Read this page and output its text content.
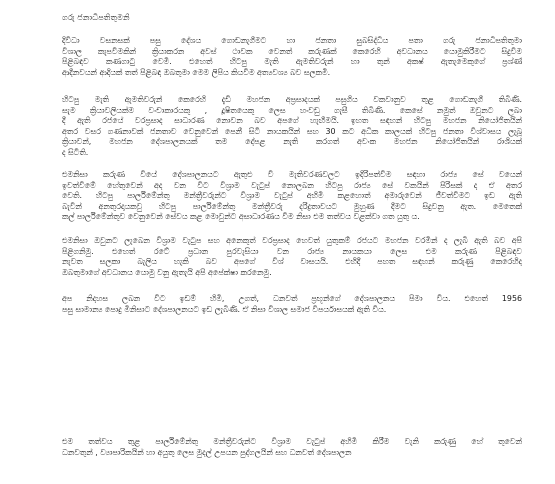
ගරු ජනාධිපතිතුමනි
දිවිධා වසනසක් පසු දේශය ගොඩනැගීමට හා ජනතා සුබසිද්ධිය පතා ගරු ජනාධිපතිතුමා
විශාල කැපවීමකින් ක්‍රියාකරන අවස් ථාවක වෙනත් කරුණක් කෙරෙහි අවධානය යොමුකිරීමට සිදුවීම
පිළිබඳව කණගාටු වෙමි. එහෙත් හිටපු මැති ඇමතිවරුන් හා තුන් අකෂ් ඇතැමෙකුගේ ප්‍රශ්ණ්
ආදීනවයන් ආදියක් තත් පිළිබඳ ඔබතුමා මෙම ලිපිය කියවීම අත්‍යවශ්‍ය බව සලකමි.
හිටපු මැති ඇමතිවරුන් කෙරෙහි දැඩි මහජන අප්‍රසාදයක් පසුගිය වකවානුව තුළ ගොඩනැගී තිබිණි.
සැම ක්‍රියාවලියක්ම වංචාකාරයකු , දූෂිතයෙකු ලෙස හංවඩු ගැසී තිබිණි. කෙසේ නමුත් ඔවුනට ලබා
දී ඇති රජයේ වරප්‍රසාද සාධාරණ නොවන බව අපගේ හැඟීමයි. ඉහත සඳහන් හිටපු මහජන නියෝජිතයින්
අතර වසර ගණනාවක් ජනතාව වෙනුවෙන් පෙනී සිටි නායකයින් සහ 30 කට අධික කාලයක් හිටපු ජනතා විශ්වාසය ලැබූ
ක්‍රියාවන්, මහජන දේශපාලනයක් තම දේපළ නැති කරගත් අවංක මහජන නියෝජිතයින් රාශියක්
ද සිටිති.
එමනිසා කරුණ වියේ දේශපාලනයට ඇතුළු වී මැතිවරණවලට ඉදිරිපත්වීම සඳහා රාජ්‍ය සේ වයෙන්
ඉවත්වීමේ හේතුවෙන් අද වන විට විශ්‍රාම වැටුප් නොලබන හිටපු රාජ්‍ය සේ වකයින් පිරිසක් ද ඒ අතර
වෙති. හිටපු පාර්ලිමේන්තු මන්ත්‍රීවරුන්ට විශ්‍රාම වැටුප් අහිමි කළහොත් අමාරුවෙන් ජීවත්වීමට ඉඩ ඇති
බැවින් අනතුරදායකවු හිටපු පාර්ලිමේන්තු මන්ත්‍රීවරු දරිද්‍රතාවයට මුහුණ දීමට සිදුවනු ඇත. මෙතෙක්
කල් පාර්ලිමේන්තුව වෙනුවෙන් සේවය කළ මොවුන්ට අසාධාරණය වීම නිසා එම තත්වය වළක්වා ගත යුතු ය.
එමනිසා ඔවුනට ලැබෙන විශ්‍රාම වැටුප සහ අනෙකුත් වරප්‍රසාද හෙවත් යුතුකම් රජයට මහජන වරමින් ද ලැබී ඇති බව අපි
පිළිගනිමු. එහෙත් රටේ ප්‍රධාන පුරවැසියා වන රාජ්‍ය නායකයා ලෙස එම කරුණ පිළිබඳව
නැවත සලකා බැලිය හැකි බව අපගේ විශ් වාසයයි. එහිදී පහත සඳහන් කරුණු කෙරෙහිද
ඔබතුමාගේ අවධානය යොමු වනු ඇතැයි අපි අපේක්ෂා කරනෙමු.
අප නිදහස ලබන විට ඉඩම් හිමි, උගත්, ධනවත් ප්‍රභූන්ගේ දේශපාලනය පිමා විය. එහෙත් 1956
පසු සාමාන්‍ය පොදු මිනිසාට දේශපාලනයට ඉඩ ලැබිණි. ඒ නිසා විශාල සමාජ විපර්යාසයක් ඇති විය.
එම තත්වය තුළ පාර්ලිමේන්තු මන්ත්‍රීවරුන්ට විශ්‍රාම වැටුප් අහිමි කිරීම වැනි කරුණු හේ තුවෙන්
ධනවතුන් , ව්‍යාපාරිකයින් හා අයුතු ලෙස මුදල් උපයන පුද්ගලයින් සහ ධනවත් දේශපාලන
